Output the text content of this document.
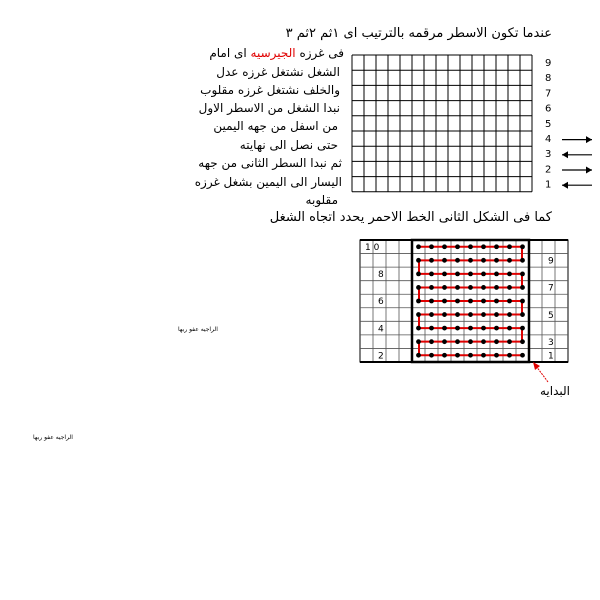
عندما تكون الاسطر مرقمه بالترتيب اى ١ثم ٢ثم ٣
فى غرزه الجيرسيه اى امام
الشغل نشتغل غرزه عدل
والخلف نشتغل غرزه مقلوب
نبدا الشغل من الاسطر الاول
من اسفل من جهه اليمين
حتى نصل الى نهايته
ثم نبدا السطر الثانى من جهه
اليسار الى اليمين بشغل غرزه
مقلوبه
كما فى الشكل الثانى الخط الاحمر يحدد اتجاه الشغل
البدايه
الراجيه عفو ربها
الراجيه عفو ربها
9
8
7
6
5
4
3
2
1
1 0
8
6
4
2
9
7
5
3
1
